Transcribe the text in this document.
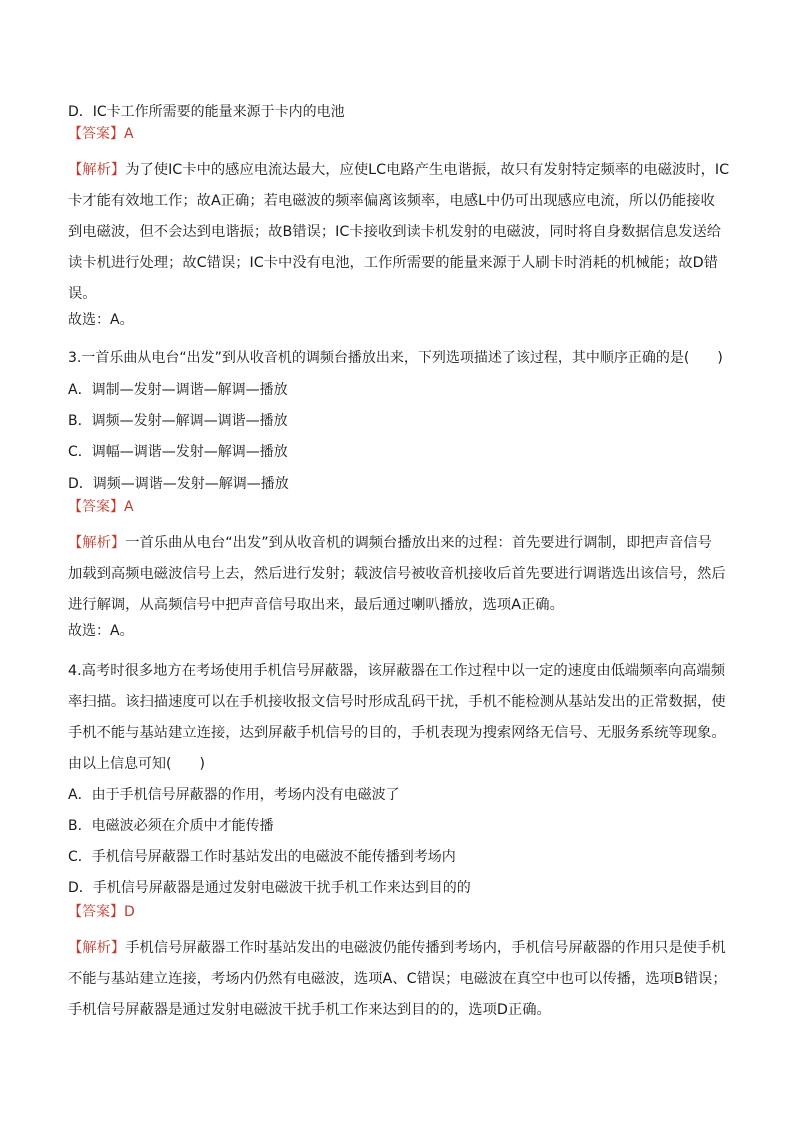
D．IC卡工作所需要的能量来源于卡内的电池
【答案】A
【解析】为了使IC卡中的感应电流达最大，应使LC电路产生电谐振，故只有发射特定频率的电磁波时，IC
卡才能有效地工作；故A正确；若电磁波的频率偏离该频率，电感L中仍可出现感应电流，所以仍能接收
到电磁波，但不会达到电谐振；故B错误；IC卡接收到读卡机发射的电磁波，同时将自身数据信息发送给
读卡机进行处理；故C错误；IC卡中没有电池，工作所需要的能量来源于人刷卡时消耗的机械能；故D错
误。
故选：A。
3.一首乐曲从电台“出发”到从收音机的调频台播放出来，下列选项描述了该过程，其中顺序正确的是(　　)
A．调制—发射—调谐—解调—播放
B．调频—发射—解调—调谐—播放
C．调幅—调谐—发射—解调—播放
D．调频—调谐—发射—解调—播放
【答案】A
【解析】一首乐曲从电台“出发”到从收音机的调频台播放出来的过程：首先要进行调制，即把声音信号
加载到高频电磁波信号上去，然后进行发射；载波信号被收音机接收后首先要进行调谐选出该信号，然后
进行解调，从高频信号中把声音信号取出来，最后通过喇叭播放，选项A正确。
故选：A。
4.高考时很多地方在考场使用手机信号屏蔽器，该屏蔽器在工作过程中以一定的速度由低端频率向高端频
率扫描。该扫描速度可以在手机接收报文信号时形成乱码干扰，手机不能检测从基站发出的正常数据，使
手机不能与基站建立连接，达到屏蔽手机信号的目的，手机表现为搜索网络无信号、无服务系统等现象。
由以上信息可知(　　)
A．由于手机信号屏蔽器的作用，考场内没有电磁波了
B．电磁波必须在介质中才能传播
C．手机信号屏蔽器工作时基站发出的电磁波不能传播到考场内
D．手机信号屏蔽器是通过发射电磁波干扰手机工作来达到目的的
【答案】D
【解析】手机信号屏蔽器工作时基站发出的电磁波仍能传播到考场内，手机信号屏蔽器的作用只是使手机
不能与基站建立连接，考场内仍然有电磁波，选项A、C错误；电磁波在真空中也可以传播，选项B错误；
手机信号屏蔽器是通过发射电磁波干扰手机工作来达到目的的，选项D正确。
